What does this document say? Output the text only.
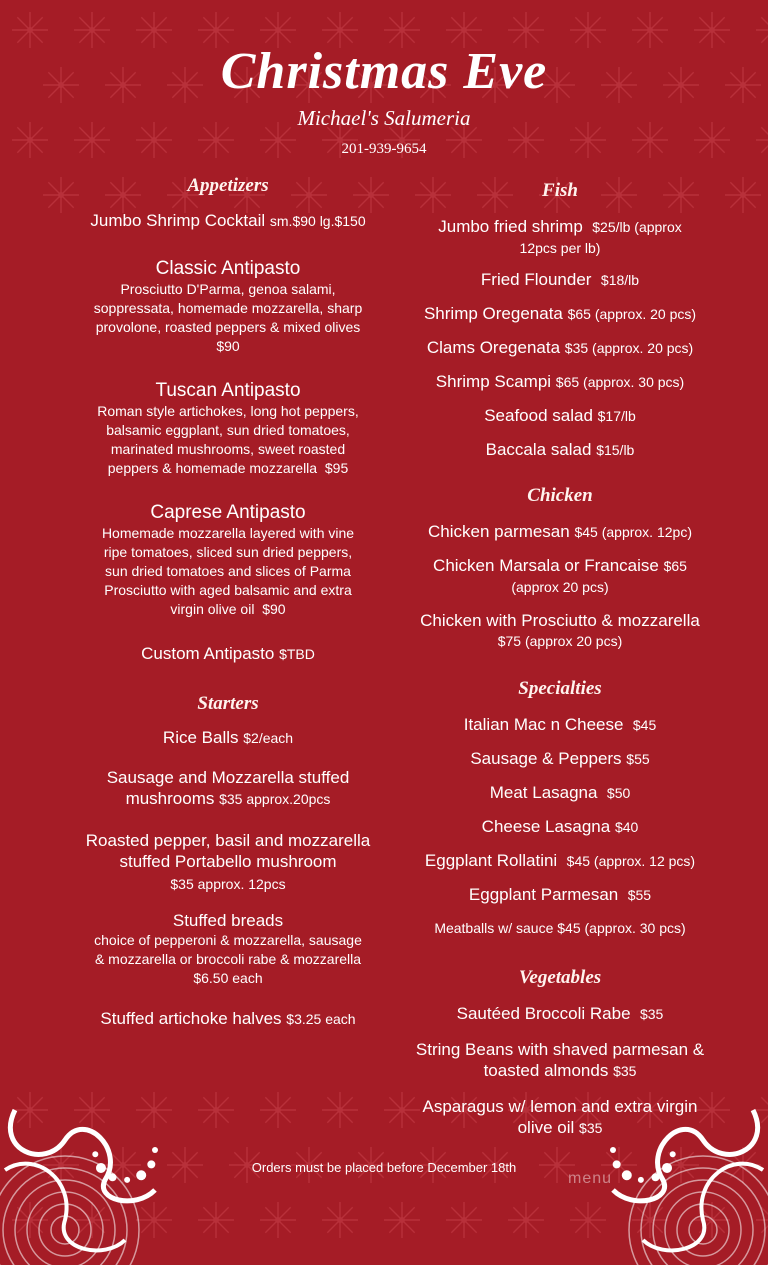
Christmas Eve
Michael's Salumeria
201-939-9654
Appetizers
Jumbo Shrimp Cocktail sm.$90 lg.$150
Classic Antipasto
Prosciutto D'Parma, genoa salami,
soppressata, homemade mozzarella, sharp
provolone, roasted peppers & mixed olives
$90
Tuscan Antipasto
Roman style artichokes, long hot peppers,
balsamic eggplant, sun dried tomatoes,
marinated mushrooms, sweet roasted
peppers & homemade mozzarella $95
Caprese Antipasto
Homemade mozzarella layered with vine
ripe tomatoes, sliced sun dried peppers,
sun dried tomatoes and slices of Parma
Prosciutto with aged balsamic and extra
virgin olive oil $90
Custom Antipasto $TBD
Starters
Rice Balls $2/each
Sausage and Mozzarella stuffed
mushrooms $35 approx.20pcs
Roasted pepper, basil and mozzarella
stuffed Portabello mushroom
$35 approx. 12pcs
Stuffed breads
choice of pepperoni & mozzarella, sausage
& mozzarella or broccoli rabe & mozzarella
$6.50 each
Stuffed artichoke halves $3.25 each
Fish
Jumbo fried shrimp $25/lb (approx
12pcs per lb)
Fried Flounder $18/lb
Shrimp Oregenata $65 (approx. 20 pcs)
Clams Oregenata $35 (approx. 20 pcs)
Shrimp Scampi $65 (approx. 30 pcs)
Seafood salad $17/lb
Baccala salad $15/lb
Chicken
Chicken parmesan $45 (approx. 12pc)
Chicken Marsala or Francaise $65
(approx 20 pcs)
Chicken with Prosciutto & mozzarella
$75 (approx 20 pcs)
Specialties
Italian Mac n Cheese $45
Sausage & Peppers $55
Meat Lasagna $50
Cheese Lasagna $40
Eggplant Rollatini $45 (approx. 12 pcs)
Eggplant Parmesan $55
Meatballs w/ sauce $45 (approx. 30 pcs)
Vegetables
Sautéed Broccoli Rabe $35
String Beans with shaved parmesan &
toasted almonds $35
Asparagus w/ lemon and extra virgin
olive oil $35
Orders must be placed before December 18th
menu
